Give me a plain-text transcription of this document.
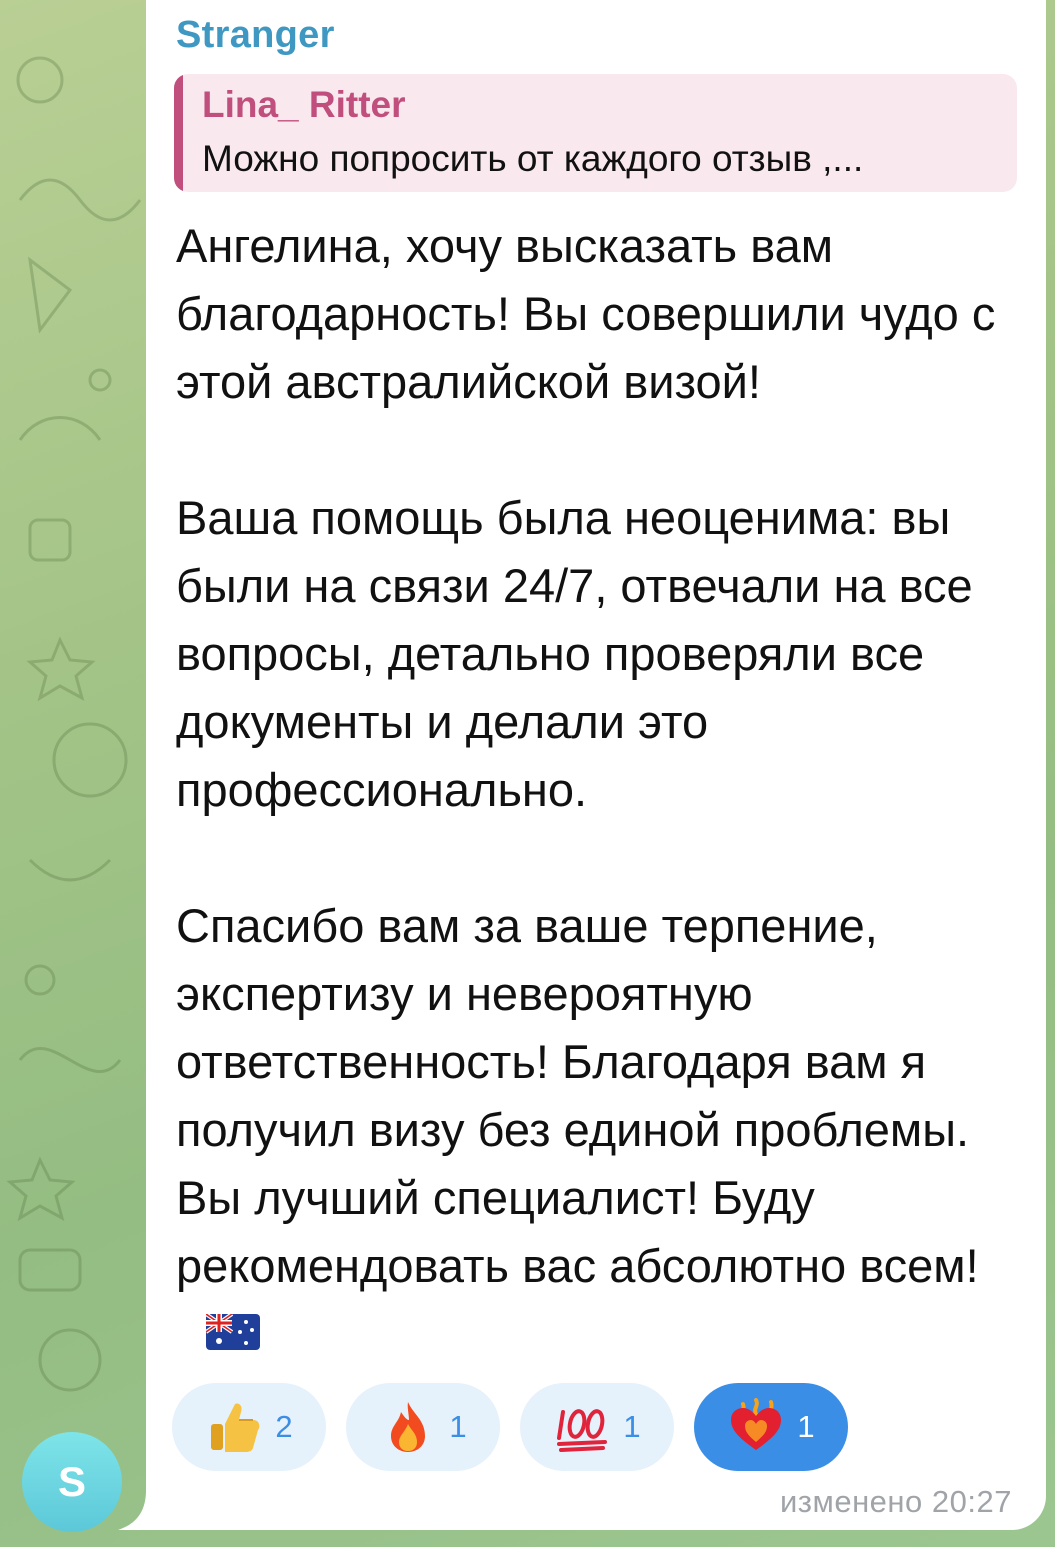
Stranger
Lina_ Ritter
Можно попросить от каждого отзыв ,...

Ангелина, хочу высказать вам благодарность! Вы совершили чудо с этой австралийской визой!

Ваша помощь была неоценима: вы были на связи 24/7, отвечали на все вопросы, детально проверяли все документы и делали это профессионально.

Спасибо вам за ваше терпение, экспертизу и невероятную ответственность! Благодаря вам я получил визу без единой проблемы. Вы лучший специалист! Буду рекомендовать вас абсолютно всем!

2	1	1	1
изменено 20:27
S
